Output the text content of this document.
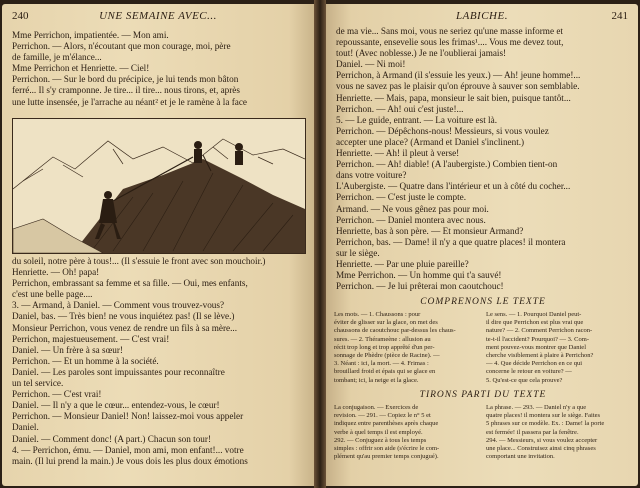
240	UNE SEMAINE AVEC...
Mme Perrichon, impatientée. — Mon ami.
Perrichon. — Alors, n'écoutant que mon courage, moi, père
de famille, je m'élance...
Mme Perrichon et Henriette. — Ciel!
Perrichon. — Sur le bord du précipice, je lui tends mon bâton
ferré... Il s'y cramponne. Je tire... il tire... nous tirons, et, après
une lutte insensée, je l'arrache au néant² et je le ramène à la face
du soleil, notre père à tous!... (Il s'essuie le front avec son mouchoir.)
Henriette. — Oh! papa!
Perrichon, embrassant sa femme et sa fille. — Oui, mes enfants,
c'est une belle page....
3. — Armand, à Daniel. — Comment vous trouvez-vous?
Daniel, bas. — Très bien! ne vous inquiétez pas! (Il se lève.)
Monsieur Perrichon, vous venez de rendre un fils à sa mère...
Perrichon, majestueusement. — C'est vrai!
Daniel. — Un frère à sa sœur!
Perrichon. — Et un homme à la société.
Daniel. — Les paroles sont impuissantes pour reconnaître
un tel service.
Perrichon. — C'est vrai!
Daniel. — Il n'y a que le cœur... entendez-vous, le cœur!
Perrichon. — Monsieur Daniel! Non! laissez-moi vous appeler
Daniel.
Daniel. — Comment donc! (A part.) Chacun son tour!
4. — Perrichon, ému. — Daniel, mon ami, mon enfant!... votre
main. (Il lui prend la main.) Je vous dois les plus doux émotions
LABICHE.	241
de ma vie... Sans moi, vous ne seriez qu'une masse informe et
repoussante, ensevelie sous les frimas¹.... Vous me devez tout,
tout! (Avec noblesse.) Je ne l'oublierai jamais!
Daniel. — Ni moi!
Perrichon, à Armand (il s'essuie les yeux.) — Ah! jeune homme!...
vous ne savez pas le plaisir qu'on éprouve à sauver son semblable.
Henriette. — Mais, papa, monsieur le sait bien, puisque tantôt...
Perrichon. — Ah! oui c'est juste!...
5. — Le guide, entrant. — La voiture est là.
Perrichon. — Dépêchons-nous! Messieurs, si vous voulez
accepter une place? (Armand et Daniel s'inclinent.)
Henriette. — Ah! il pleut à verse!
Perrichon. — Ah! diable! (A l'aubergiste.) Combien tient-on
dans votre voiture?
L'Aubergiste. — Quatre dans l'intérieur et un à côté du cocher...
Perrichon. — C'est juste le compte.
Armand. — Ne vous gênez pas pour moi.
Perrichon. — Daniel montera avec nous.
Henriette, bas à son père. — Et monsieur Armand?
Perrichon, bas. — Dame! il n'y a que quatre places! il montera
sur le siège.
Henriette. — Par une pluie pareille?
Mme Perrichon. — Un homme qui t'a sauvé!
Perrichon. — Je lui prêterai mon caoutchouc!
COMPRENONS LE TEXTE
Les mots. — 1. Chaussons : pour
éviter de glisser sur la glace, on met des
chaussons de caoutchouc par-dessus les chaus-
sures. — 2. Thérameène : allusion au
récit trop long et trop apprêté d'un per-
sonnage de Phèdre (pièce de Racine). —
3. Néant : ici, la mort. — 4. Frimas :
brouillard froid et épais qui se glace en
tombant; ici, la neige et la glace.
Le sens. — 1. Pourquoi Daniel peut-
il dire que Perrichon est plus vrai que
nature? — 2. Comment Perrichon racon-
te-t-il l'accident? Pourquoi? — 3. Com-
ment pouvez-vous montrer que Daniel
cherche visiblement à plaire à Perrichon?
— 4. Que décide Perrichon en ce qui
concerne le retour en voiture? —
5. Qu'est-ce que cela prouve?
TIRONS PARTI DU TEXTE
La conjugaison. — Exercices de
revision. — 291. — Copiez le n° 5 et
indiquez entre parenthèses après chaque
verbe à quel temps il est employé.
292. — Conjuguez à tous les temps
simples : offrir son aide (s'écrire le com-
plément qu'au premier temps conjugué).
La phrase. — 293. — Daniel n'y a que
quatre places! il montera sur le siège. Faites
5 phrases sur ce modèle. Ex. : Dame! la porte
est fermée! il passera par la fenêtre.
294. — Messieurs, si vous voulez accepter
une place... Construisez ainsi cinq phrases
comportant une invitation.
